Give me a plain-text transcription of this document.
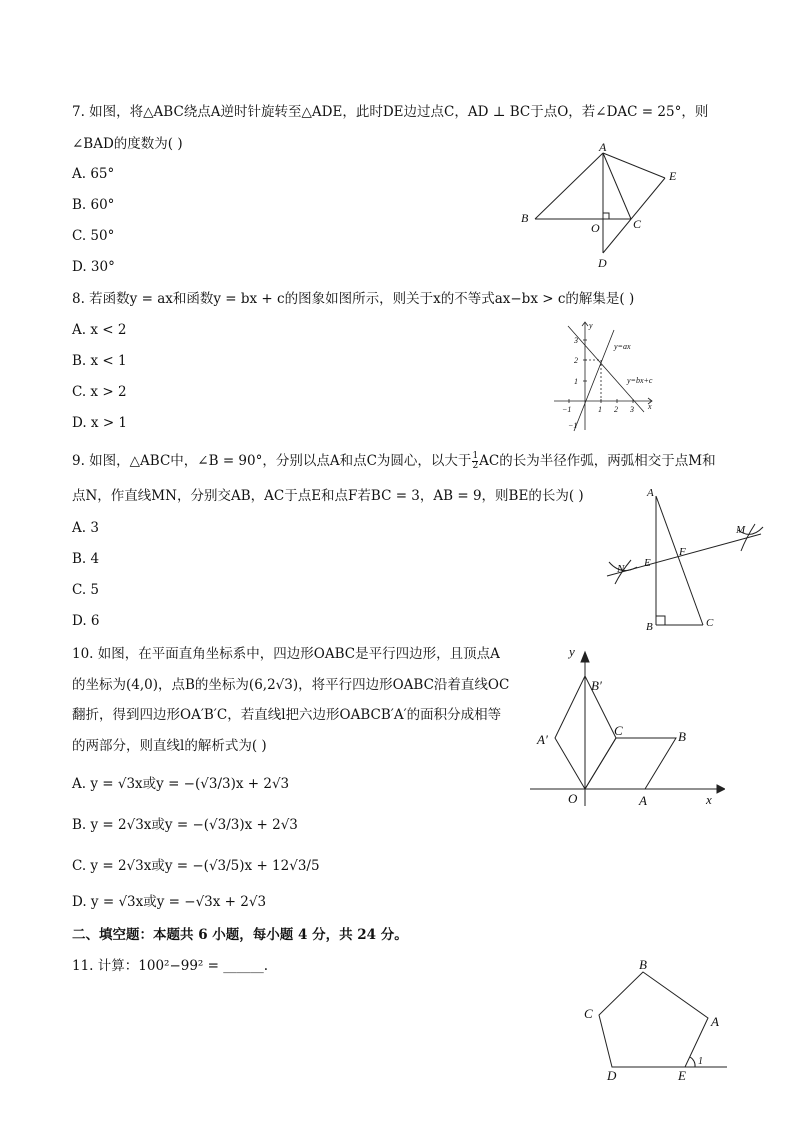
7. 如图，将△ABC绕点A逆时针旋转至△ADE，此时DE边过点C，AD ⊥ BC于点O，若∠DAC = 25°，则
∠BAD的度数为( )
A. 65°
B. 60°
C. 50°
D. 30°
A
B	C
D
E
O
8. 若函数y = ax和函数y = bx + c的图象如图所示，则关于x的不等式ax−bx > c的解集是( )
A. x < 2
B. x < 1
C. x > 2
D. x > 1
y
x
y=ax
y=bx+c
3
2
1
−1	1 2 3
−1
9. 如图，△ABC中，∠B = 90°，分别以点A和点C为圆心，以大于 $\frac{1}{2}$ AC的长为半径作弧，两弧相交于点M和
点N，作直线MN，分别交AB，AC于点E和点F若BC = 3，AB = 9，则BE的长为( )
A. 3
B. 4
C. 5
D. 6
A
B	C
E
F
M
N
10. 如图，在平面直角坐标系中，四边形OABC是平行四边形，且顶点A
的坐标为(4,0)，点B的坐标为(6,2√3)，将平行四边形OABC沿着直线OC
翻折，得到四边形OA′B′C，若直线l把六边形OABCB′A′的面积分成相等
的两部分，则直线l的解析式为( )
A. y = √3x或y = −(√3/3)x + 2√3
B. y = 2√3x或y = −(√3/3)x + 2√3
C. y = 2√3x或y = −(√3/5)x + 12√3/5
D. y = √3x或y = −√3x + 2√3
y
x
O	A
B
C
A′
B′
二、填空题：本题共 6 小题，每小题 4 分，共 24 分。
11. 计算：100²−99² = ______.	B
A
C
D	E
1
